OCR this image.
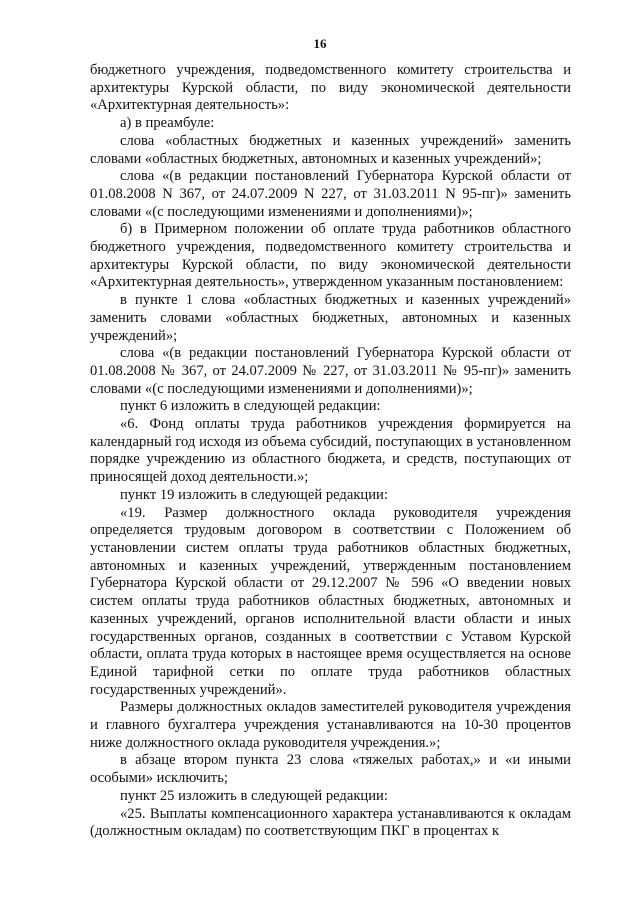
16

бюджетного учреждения, подведомственного комитету строительства и архитектуры Курской области, по виду экономической деятельности «Архитектурная деятельность»:

а) в преамбуле:

слова «областных бюджетных и казенных учреждений» заменить словами «областных бюджетных, автономных и казенных учреждений»;

слова «(в редакции постановлений Губернатора Курской области от 01.08.2008 N 367, от 24.07.2009 N 227, от 31.03.2011 N 95-пг)» заменить словами «(с последующими изменениями и дополнениями)»;

б) в Примерном положении об оплате труда работников областного бюджетного учреждения, подведомственного комитету строительства и архитектуры Курской области, по виду экономической деятельности «Архитектурная деятельность», утвержденном указанным постановлением:

в пункте 1 слова «областных бюджетных и казенных учреждений» заменить словами «областных бюджетных, автономных и казенных учреждений»;

слова «(в редакции постановлений Губернатора Курской области от 01.08.2008 № 367, от 24.07.2009 № 227, от 31.03.2011 № 95-пг)» заменить словами «(с последующими изменениями и дополнениями)»;

пункт 6 изложить в следующей редакции:

«6. Фонд оплаты труда работников учреждения формируется на календарный год исходя из объема субсидий, поступающих в установленном порядке учреждению из областного бюджета, и средств, поступающих от приносящей доход деятельности.»;

пункт 19 изложить в следующей редакции:

«19. Размер должностного оклада руководителя учреждения определяется трудовым договором в соответствии с Положением об установлении систем оплаты труда работников областных бюджетных, автономных и казенных учреждений, утвержденным постановлением Губернатора Курской области от 29.12.2007 № 596 «О введении новых систем оплаты труда работников областных бюджетных, автономных и казенных учреждений, органов исполнительной власти области и иных государственных органов, созданных в соответствии с Уставом Курской области, оплата труда которых в настоящее время осуществляется на основе Единой тарифной сетки по оплате труда работников областных государственных учреждений».

Размеры должностных окладов заместителей руководителя учреждения и главного бухгалтера учреждения устанавливаются на 10-30 процентов ниже должностного оклада руководителя учреждения.»;

в абзаце втором пункта 23 слова «тяжелых работах,» и «и иными особыми» исключить;

пункт 25 изложить в следующей редакции:

«25. Выплаты компенсационного характера устанавливаются к окладам (должностным окладам) по соответствующим ПКГ в процентах к
